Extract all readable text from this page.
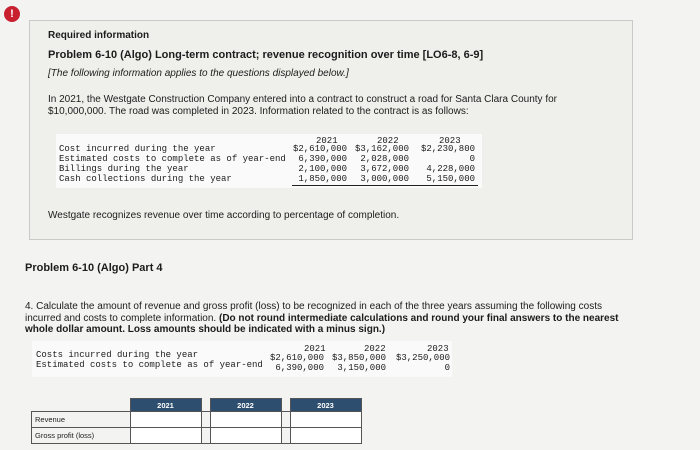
!
Required information
Problem 6-10 (Algo) Long-term contract; revenue recognition over time [LO6-8, 6-9]
[The following information applies to the questions displayed below.]
In 2021, the Westgate Construction Company entered into a contract to construct a road for Santa Clara County for
$10,000,000. The road was completed in 2023. Information related to the contract is as follows:
2021	2022	2023
Cost incurred during the year	$2,610,000 $3,162,000	$2,230,800
Estimated costs to complete as of year-end	6,390,000	2,028,000	0
Billings during the year	2,100,000	3,672,000	4,228,000
Cash collections during the year	1,850,000	3,000,000	5,150,000
Westgate recognizes revenue over time according to percentage of completion.
Problem 6-10 (Algo) Part 4
4. Calculate the amount of revenue and gross profit (loss) to be recognized in each of the three years assuming the following costs
incurred and costs to complete information. (Do not round intermediate calculations and round your final answers to the nearest
whole dollar amount. Loss amounts should be indicated with a minus sign.)
2021	2022	2023
Costs incurred during the year	$2,610,000 $3,850,000	$3,250,000
Estimated costs to complete as of year-end	6,390,000	3,150,000	0
	2021		2022		2023
Revenue					
Gross profit (loss)					
